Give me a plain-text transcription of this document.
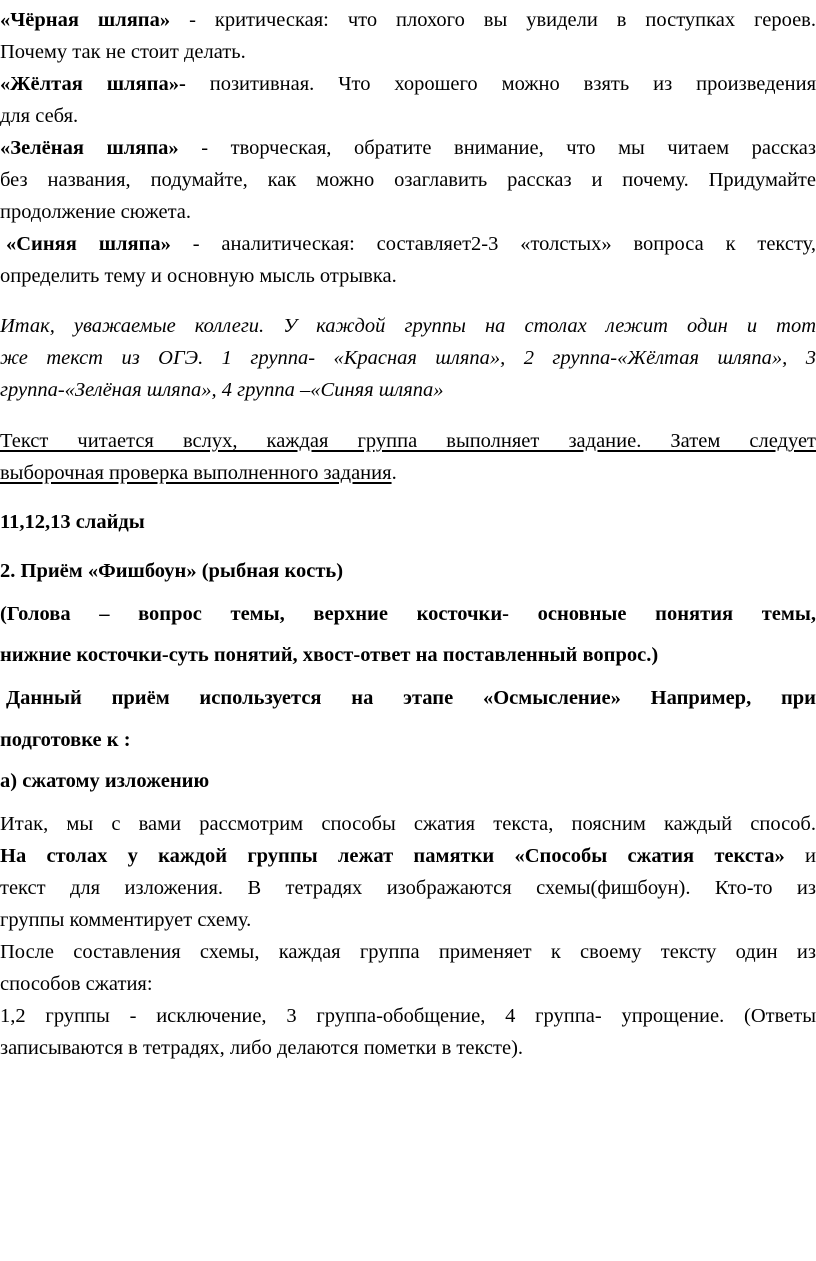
«Чёрная шляпа» - критическая: что плохого вы увидели в поступках героев.
Почему так не стоит делать.
«Жёлтая шляпа»- позитивная. Что хорошего можно взять из произведения
для себя.
«Зелёная шляпа» - творческая, обратите внимание, что мы читаем рассказ
без названия, подумайте, как можно озаглавить рассказ и почему. Придумайте
продолжение сюжета.
«Синяя шляпа» - аналитическая: составляет2-3 «толстых» вопроса к тексту,
определить тему и основную мысль отрывка.
Итак, уважаемые коллеги. У каждой группы на столах лежит один и тот
же текст из ОГЭ. 1 группа- «Красная шляпа», 2 группа-«Жёлтая шляпа», 3
группа-«Зелёная шляпа», 4 группа –«Синяя шляпа»
Текст читается вслух, каждая группа выполняет задание. Затем следует
выборочная проверка выполненного задания.
11,12,13 слайды
2. Приём «Фишбоун» (рыбная кость)
(Голова – вопрос темы, верхние косточки- основные понятия темы,
нижние косточки-суть понятий, хвост-ответ на поставленный вопрос.)
Данный приём используется на этапе «Осмысление» Например, при
подготовке к :
а) сжатому изложению
Итак, мы с вами рассмотрим способы сжатия текста, поясним каждый способ.
На столах у каждой группы лежат памятки «Способы сжатия текста» и
текст для изложения. В тетрадях изображаются схемы(фишбоун). Кто-то из
группы комментирует схему.
После составления схемы, каждая группа применяет к своему тексту один из
способов сжатия:
1,2 группы - исключение, 3 группа-обобщение, 4 группа- упрощение. (Ответы
записываются в тетрадях, либо делаются пометки в тексте).
